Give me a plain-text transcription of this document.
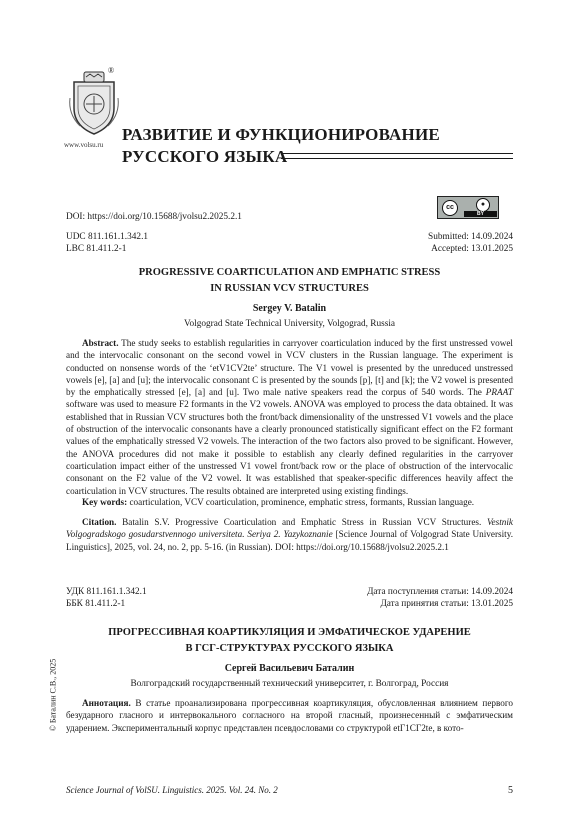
®
www.volsu.ru
РАЗВИТИЕ И ФУНКЦИОНИРОВАНИЕ
РУССКОГО ЯЗЫКА
DOI: https://doi.org/10.15688/jvolsu2.2025.2.1
cc	●
BY
UDC 811.161.1.342.1
LBC 81.411.2-1
Submitted: 14.09.2024
Accepted: 13.01.2025
PROGRESSIVE COARTICULATION AND EMPHATIC STRESS
IN RUSSIAN VCV STRUCTURES
Sergey V. Batalin
Volgograd State Technical University, Volgograd, Russia
Abstract. The study seeks to establish regularities in carryover coarticulation induced by the first unstressed vowel and the intervocalic consonant on the second vowel in VCV clusters in the Russian language. The experiment is conducted on nonsense words of the ‘etV1CV2te’ structure. The V1 vowel is presented by the unreduced unstressed vowels [e], [a] and [u]; the intervocalic consonant C is presented by the sounds [p], [t] and [k]; the V2 vowel is presented by the emphatically stressed [e], [a] and [u]. Two male native speakers read the corpus of 540 words. The PRAAT software was used to measure F2 formants in the V2 vowels. ANOVA was employed to process the data obtained. It was established that in Russian VCV structures both the front/back dimensionality of the unstressed V1 vowels and the place of obstruction of the intervocalic consonants have a clearly pronounced statistically significant effect on the F2 formant values of the emphatically stressed V2 vowels. The interaction of the two factors also proved to be significant. However, the ANOVA procedures did not make it possible to establish any clearly defined regularities in the carryover coarticulation impact either of the unstressed V1 vowel front/back row or the place of obstruction of the intervocalic consonant on the F2 value of the V2 vowel. It was established that speaker-specific differences heavily affect the coarticulation in VCV structures. The results obtained are interpreted using existing findings.
Key words: coarticulation, VCV coarticulation, prominence, emphatic stress, formants, Russian language.
Citation. Batalin S.V. Progressive Coarticulation and Emphatic Stress in Russian VCV Structures. Vestnik Volgogradskogo gosudarstvennogo universiteta. Seriya 2. Yazykoznanie [Science Journal of Volgograd State University. Linguistics], 2025, vol. 24, no. 2, pp. 5-16. (in Russian). DOI: https://doi.org/10.15688/jvolsu2.2025.2.1
УДК 811.161.1.342.1
ББК 81.411.2-1
Дата поступления статьи: 14.09.2024
Дата принятия статьи: 13.01.2025
ПРОГРЕССИВНАЯ КОАРТИКУЛЯЦИЯ И ЭМФАТИЧЕСКОЕ УДАРЕНИЕ
В ГСГ-СТРУКТУРАХ РУССКОГО ЯЗЫКА
Сергей Васильевич Баталин
Волгоградский государственный технический университет, г. Волгоград, Россия
Аннотация. В статье проанализирована прогрессивная коартикуляция, обусловленная влиянием первого безударного гласного и интервокального согласного на второй гласный, произнесенный с эмфатическим ударением. Экспериментальный корпус представлен псевдословами со структурой etГ1СГ2te, в кото-
© Баталин С.В., 2025
Science Journal of VolSU. Linguistics. 2025. Vol. 24. No. 2	5
